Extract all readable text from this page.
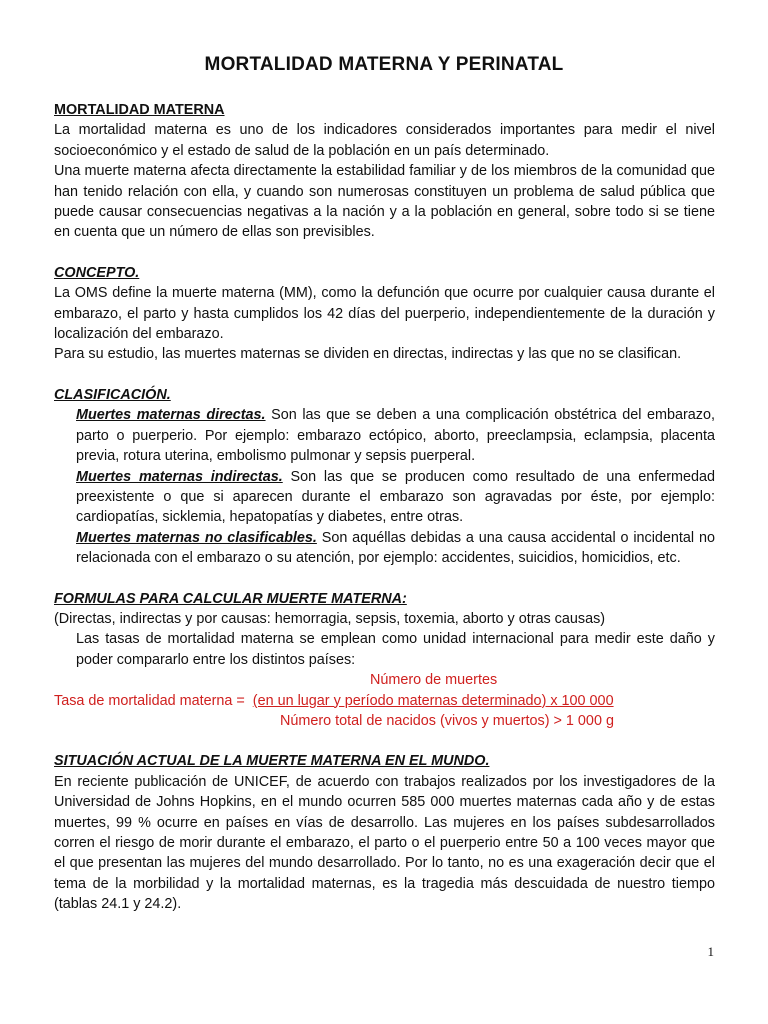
MORTALIDAD MATERNA Y PERINATAL

MORTALIDAD MATERNA

La mortalidad materna es uno de los indicadores considerados importantes para medir el nivel socioeconómico y el estado de salud de la población en un país determinado.

Una muerte materna afecta directamente la estabilidad familiar y de los miembros de la comunidad que han tenido relación con ella, y cuando son numerosas constituyen un problema de salud pública que puede causar consecuencias negativas a la nación y a la población en general, sobre todo si se tiene en cuenta que un número de ellas son previsibles.

CONCEPTO.

La OMS define la muerte materna (MM), como la defunción que ocurre por cualquier causa durante el embarazo, el parto y hasta cumplidos los 42 días del puerperio, independientemente de la duración y localización del embarazo.

Para su estudio, las muertes maternas se dividen en directas, indirectas y las que no se clasifican.

CLASIFICACIÓN.

Muertes maternas directas. Son las que se deben a una complicación obstétrica del embarazo, parto o puerperio. Por ejemplo: embarazo ectópico, aborto, preeclampsia, eclampsia, placenta previa, rotura uterina, embolismo pulmonar y sepsis puerperal.

Muertes maternas indirectas. Son las que se producen como resultado de una enfermedad preexistente o que si aparecen durante el embarazo son agravadas por éste, por ejemplo: cardiopatías, sicklemia, hepatopatías y diabetes, entre otras.

Muertes maternas no clasificables. Son aquéllas debidas a una causa accidental o incidental no relacionada con el embarazo o su atención, por ejemplo: accidentes, suicidios, homicidios, etc.

FORMULAS PARA CALCULAR MUERTE MATERNA:

(Directas, indirectas y por causas: hemorragia, sepsis, toxemia, aborto y otras causas)

Las tasas de mortalidad materna se emplean como unidad internacional para medir este daño y poder compararlo entre los distintos países:

Número de muertes
Tasa de mortalidad materna = (en un lugar y período maternas determinado) x 100 000
Número total de nacidos (vivos y muertos) > 1 000 g

SITUACIÓN ACTUAL DE LA MUERTE MATERNA EN EL MUNDO.

En reciente publicación de UNICEF, de acuerdo con trabajos realizados por los investigadores de la Universidad de Johns Hopkins, en el mundo ocurren 585 000 muertes maternas cada año y de estas muertes, 99 % ocurre en países en vías de desarrollo. Las mujeres en los países subdesarrollados corren el riesgo de morir durante el embarazo, el parto o el puerperio entre 50 a 100 veces mayor que el que presentan las mujeres del mundo desarrollado. Por lo tanto, no es una exageración decir que el tema de la morbilidad y la mortalidad maternas, es la tragedia más descuidada de nuestro tiempo (tablas 24.1 y 24.2).

1
